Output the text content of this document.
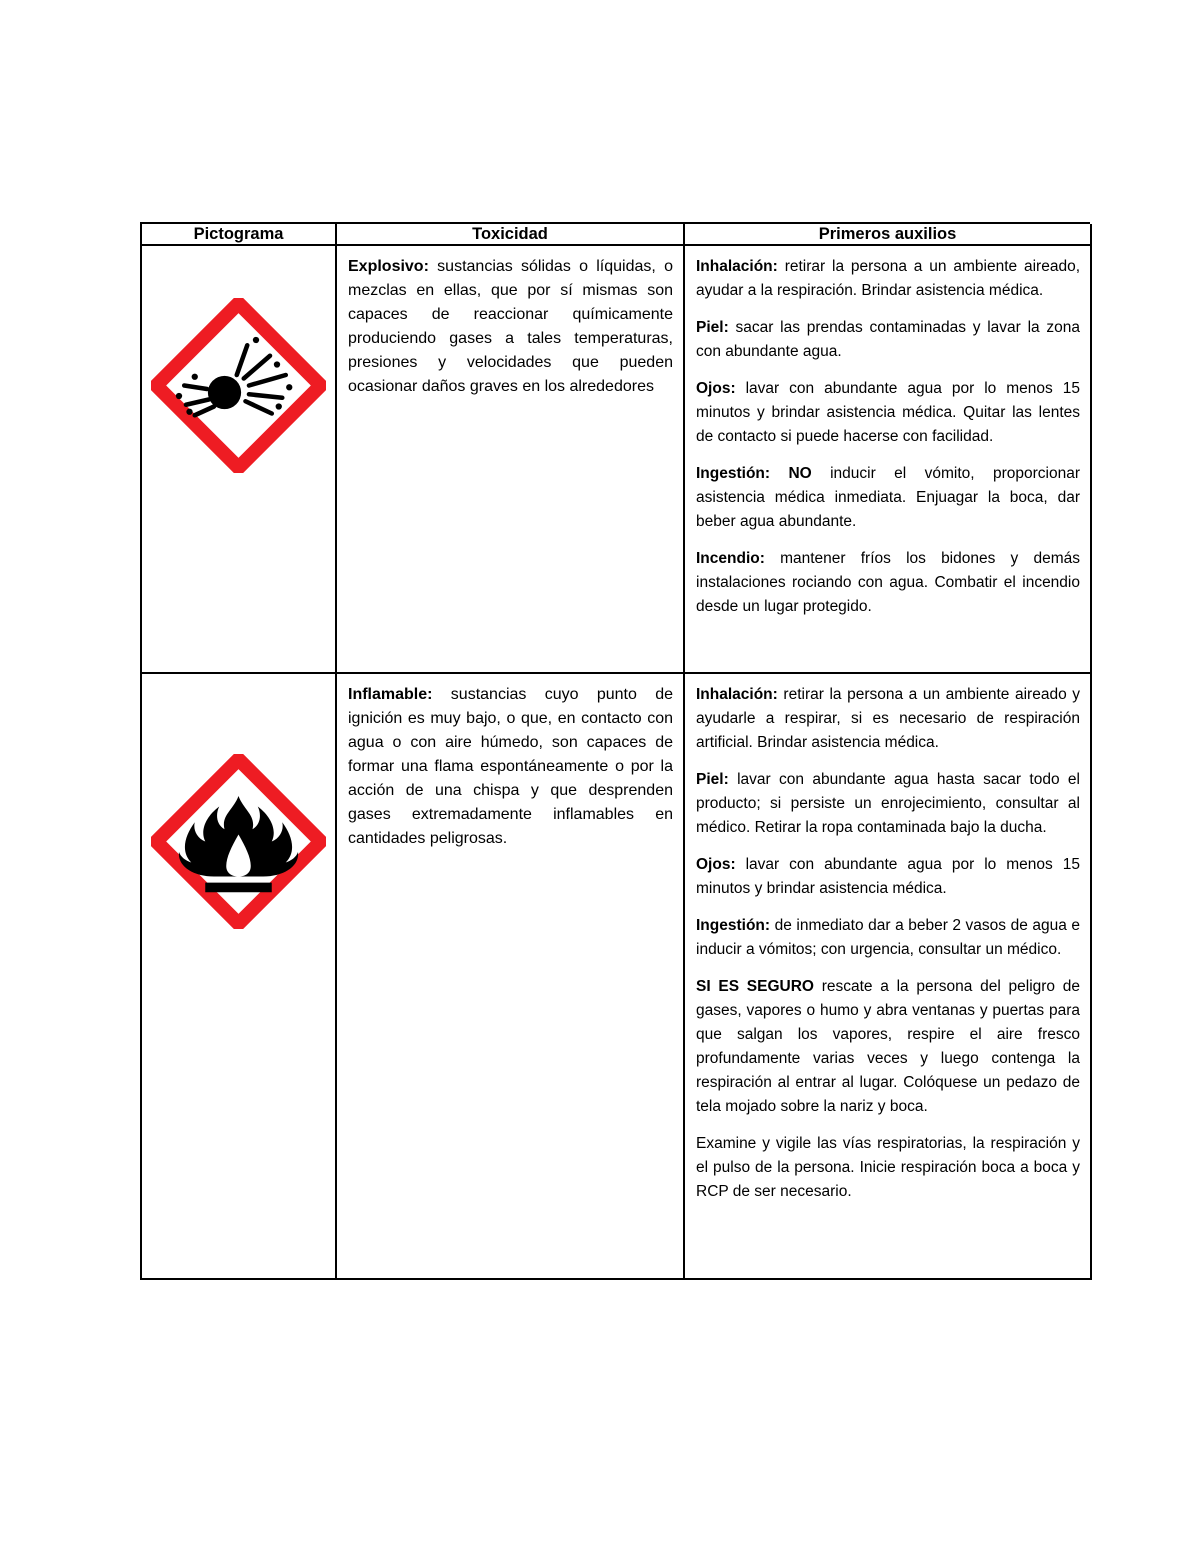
Pictograma	Toxicidad	Primeros auxilios

Explosivo: sustancias sólidas o líquidas, o mezclas en ellas, que por sí mismas son capaces de reaccionar químicamente produciendo gases a tales temperaturas, presiones y velocidades que pueden ocasionar daños graves en los alrededores

Inhalación: retirar la persona a un ambiente aireado, ayudar a la respiración. Brindar asistencia médica.

Piel: sacar las prendas contaminadas y lavar la zona con abundante agua.

Ojos: lavar con abundante agua por lo menos 15 minutos y brindar asistencia médica. Quitar las lentes de contacto si puede hacerse con facilidad.

Ingestión: NO inducir el vómito, proporcionar asistencia médica inmediata. Enjuagar la boca, dar beber agua abundante.

Incendio: mantener fríos los bidones y demás instalaciones rociando con agua. Combatir el incendio desde un lugar protegido.

Inflamable: sustancias cuyo punto de ignición es muy bajo, o que, en contacto con agua o con aire húmedo, son capaces de formar una flama espontáneamente o por la acción de una chispa y que desprenden gases extremadamente inflamables en cantidades peligrosas.

Inhalación: retirar la persona a un ambiente aireado y ayudarle a respirar, si es necesario de respiración artificial. Brindar asistencia médica.

Piel: lavar con abundante agua hasta sacar todo el producto; si persiste un enrojecimiento, consultar al médico. Retirar la ropa contaminada bajo la ducha.

Ojos: lavar con abundante agua por lo menos 15 minutos y brindar asistencia médica.

Ingestión: de inmediato dar a beber 2 vasos de agua e inducir a vómitos; con urgencia, consultar un médico.

SI ES SEGURO rescate a la persona del peligro de gases, vapores o humo y abra ventanas y puertas para que salgan los vapores, respire el aire fresco profundamente varias veces y luego contenga la respiración al entrar al lugar. Colóquese un pedazo de tela mojado sobre la nariz y boca.

Examine y vigile las vías respiratorias, la respiración y el pulso de la persona. Inicie respiración boca a boca y RCP de ser necesario.
